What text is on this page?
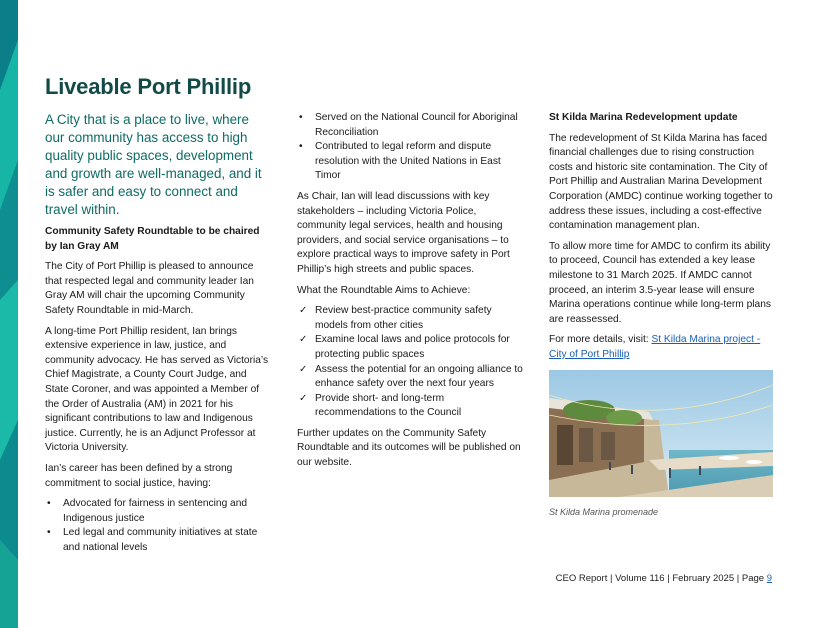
Liveable Port Phillip

A City that is a place to live, where our community has access to high quality public spaces, development and growth are well-managed, and it is safer and easy to connect and travel within.

Community Safety Roundtable to be chaired by Ian Gray AM

The City of Port Phillip is pleased to announce that respected legal and community leader Ian Gray AM will chair the upcoming Community Safety Roundtable in mid-March.

A long-time Port Phillip resident, Ian brings extensive experience in law, justice, and community advocacy. He has served as Victoria’s Chief Magistrate, a County Court Judge, and State Coroner, and was appointed a Member of the Order of Australia (AM) in 2021 for his significant contributions to law and Indigenous justice. Currently, he is an Adjunct Professor at Victoria University.

Ian’s career has been defined by a strong commitment to social justice, having:

• Advocated for fairness in sentencing and Indigenous justice
• Led legal and community initiatives at state and national levels
• Served on the National Council for Aboriginal Reconciliation
• Contributed to legal reform and dispute resolution with the United Nations in East Timor

As Chair, Ian will lead discussions with key stakeholders – including Victoria Police, community legal services, health and housing providers, and social service organisations – to explore practical ways to improve safety in Port Phillip’s high streets and public spaces.

What the Roundtable Aims to Achieve:

✓ Review best-practice community safety models from other cities
✓ Examine local laws and police protocols for protecting public spaces
✓ Assess the potential for an ongoing alliance to enhance safety over the next four years
✓ Provide short- and long-term recommendations to the Council

Further updates on the Community Safety Roundtable and its outcomes will be published on our website.

St Kilda Marina Redevelopment update

The redevelopment of St Kilda Marina has faced financial challenges due to rising construction costs and historic site contamination. The City of Port Phillip and Australian Marina Development Corporation (AMDC) continue working together to address these issues, including a cost-effective contamination management plan.

To allow more time for AMDC to confirm its ability to proceed, Council has extended a key lease milestone to 31 March 2025. If AMDC cannot proceed, an interim 3.5-year lease will ensure Marina operations continue while long-term plans are reassessed.

For more details, visit: St Kilda Marina project - City of Port Phillip

St Kilda Marina promenade
CEO Report | Volume 116 | February 2025 | Page 9
